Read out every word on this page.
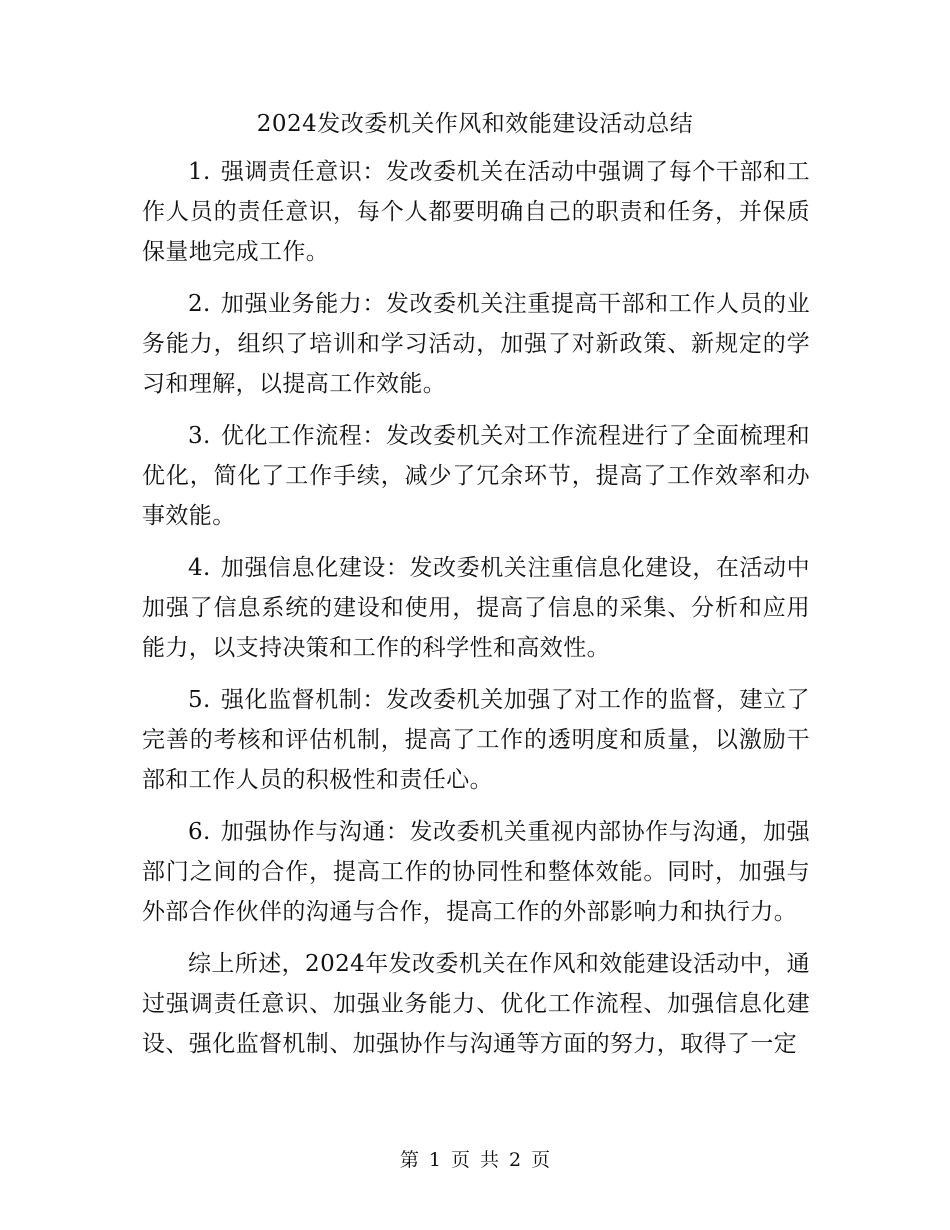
2024发改委机关作风和效能建设活动总结

1. 强调责任意识：发改委机关在活动中强调了每个干部和工作人员的责任意识，每个人都要明确自己的职责和任务，并保质保量地完成工作。

2. 加强业务能力：发改委机关注重提高干部和工作人员的业务能力，组织了培训和学习活动，加强了对新政策、新规定的学习和理解，以提高工作效能。

3. 优化工作流程：发改委机关对工作流程进行了全面梳理和优化，简化了工作手续，减少了冗余环节，提高了工作效率和办事效能。

4. 加强信息化建设：发改委机关注重信息化建设，在活动中加强了信息系统的建设和使用，提高了信息的采集、分析和应用能力，以支持决策和工作的科学性和高效性。

5. 强化监督机制：发改委机关加强了对工作的监督，建立了完善的考核和评估机制，提高了工作的透明度和质量，以激励干部和工作人员的积极性和责任心。

6. 加强协作与沟通：发改委机关重视内部协作与沟通，加强部门之间的合作，提高工作的协同性和整体效能。同时，加强与外部合作伙伴的沟通与合作，提高工作的外部影响力和执行力。

综上所述，2024年发改委机关在作风和效能建设活动中，通过强调责任意识、加强业务能力、优化工作流程、加强信息化建设、强化监督机制、加强协作与沟通等方面的努力，取得了一定

第 1 页 共 2 页
